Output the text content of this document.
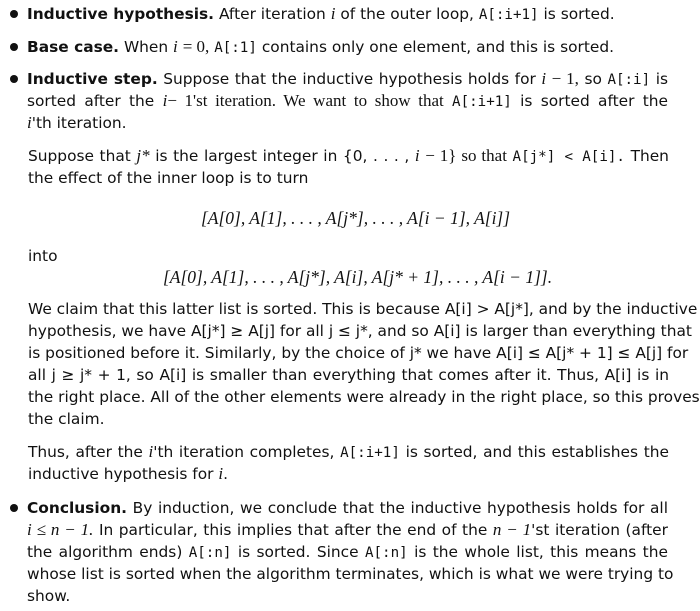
Inductive hypothesis. After iteration i of the outer loop, A[:i+1] is sorted.
Base case. When i = 0, A[:1] contains only one element, and this is sorted.
Inductive step. Suppose that the inductive hypothesis holds for i − 1, so A[:i] is
sorted after the i− 1'st iteration. We want to show that A[:i+1] is sorted after the
i'th iteration.
Suppose that j* is the largest integer in {0, . . . , i − 1} so that A[j*] < A[i]. Then
the effect of the inner loop is to turn
[A[0], A[1], . . . , A[j*], . . . , A[i − 1], A[i]]
into
[A[0], A[1], . . . , A[j*], A[i], A[j* + 1], . . . , A[i − 1]].
We claim that this latter list is sorted. This is because A[i] > A[j*], and by the inductive
hypothesis, we have A[j*] ≥ A[j] for all j ≤ j*, and so A[i] is larger than everything that
is positioned before it. Similarly, by the choice of j* we have A[i] ≤ A[j* + 1] ≤ A[j] for
all j ≥ j* + 1, so A[i] is smaller than everything that comes after it. Thus, A[i] is in
the right place. All of the other elements were already in the right place, so this proves
the claim.
Thus, after the i'th iteration completes, A[:i+1] is sorted, and this establishes the
inductive hypothesis for i.
Conclusion. By induction, we conclude that the inductive hypothesis holds for all
i ≤ n − 1. In particular, this implies that after the end of the n − 1'st iteration (after
the algorithm ends) A[:n] is sorted. Since A[:n] is the whole list, this means the
whose list is sorted when the algorithm terminates, which is what we were trying to
show.
